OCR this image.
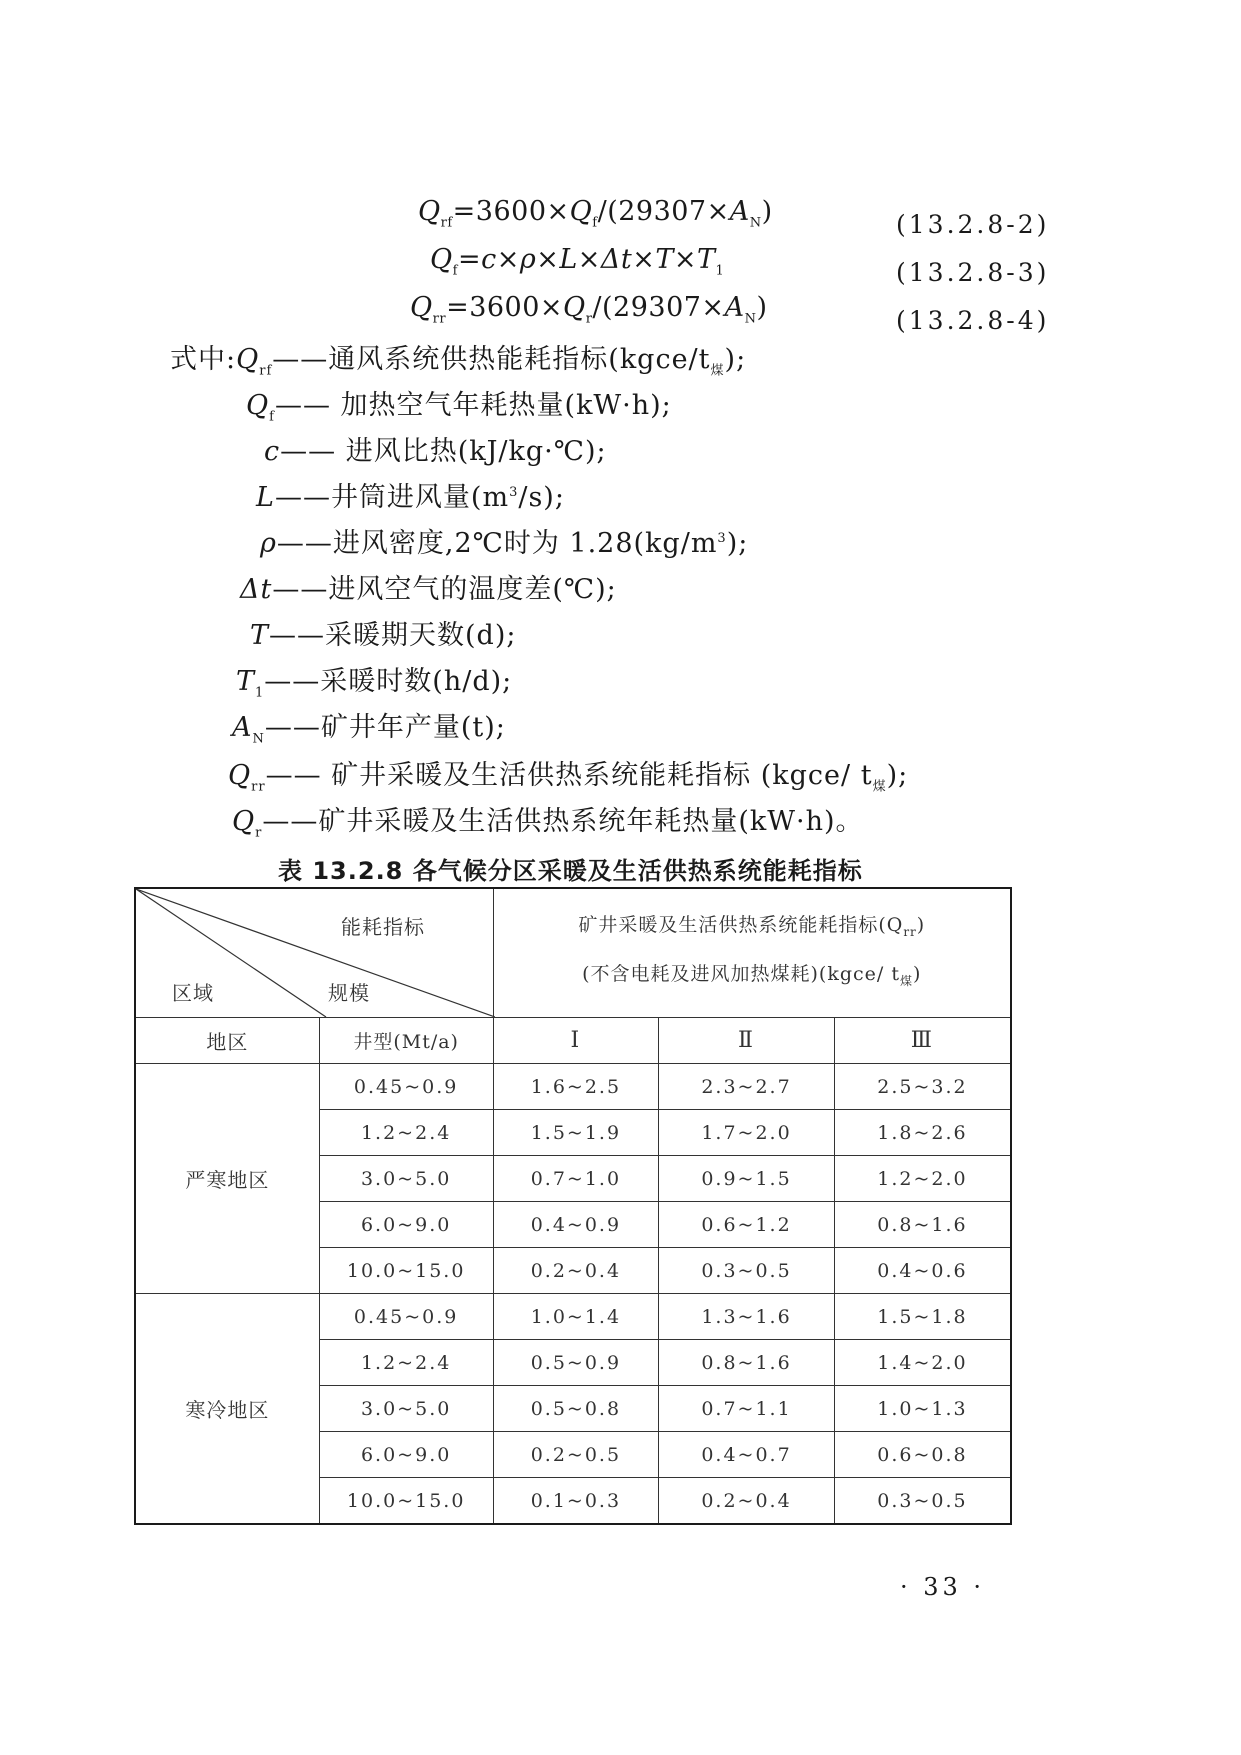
$Q_{rf}=3600\times Q_f/(29307\times A_N)$	(13.2.8-2)
$Q_f=c\times\rho\times L\times\Delta t\times T\times T_1$	(13.2.8-3)
$Q_{rr}=3600\times Q_r/(29307\times A_N)$	(13.2.8-4)
式中$:Q_{rf}——$通风系统供热能耗指标$(kgce/t_煤)$;
$Q_f——$ 加热空气年耗热量(kW·h);
c—— 进风比热(kJ/kg·℃);
L——井筒进风量$(m^3/s)$;
ρ——进风密度,2℃时为 $1.28(kg/m^3)$;
Δt——进风空气的温度差(℃);
T——采暖期天数(d);
$T_1——$采暖时数(h/d);
$A_N——$矿井年产量(t);
$Q_{rr}——$ 矿井采暖及生活供热系统能耗指标 (kgce/ $t_煤$);
$Q_r——$矿井采暖及生活供热系统年耗热量(kW·h)。
表 13.2.8 各气候分区采暖及生活供热系统能耗指标
能耗指标
区域 规模		矿井采暖及生活供热系统能耗指标$(Q_{rr})$
(不含电耗及进风加热煤耗)(kgce/ $t_煤$)		
地区	井型(Mt/a)	Ⅰ	Ⅱ	Ⅲ
严寒地区	0.45~0.9	1.6~2.5	2.3~2.7	2.5~3.2
	1.2~2.4	1.5~1.9	1.7~2.0	1.8~2.6
	3.0~5.0	0.7~1.0	0.9~1.5	1.2~2.0
	6.0~9.0	0.4~0.9	0.6~1.2	0.8~1.6
	10.0~15.0	0.2~0.4	0.3~0.5	0.4~0.6
寒冷地区	0.45~0.9	1.0~1.4	1.3~1.6	1.5~1.8
	1.2~2.4	0.5~0.9	0.8~1.6	1.4~2.0
	3.0~5.0	0.5~0.8	0.7~1.1	1.0~1.3
	6.0~9.0	0.2~0.5	0.4~0.7	0.6~0.8
	10.0~15.0	0.1~0.3	0.2~0.4	0.3~0.5
· 33 ·
